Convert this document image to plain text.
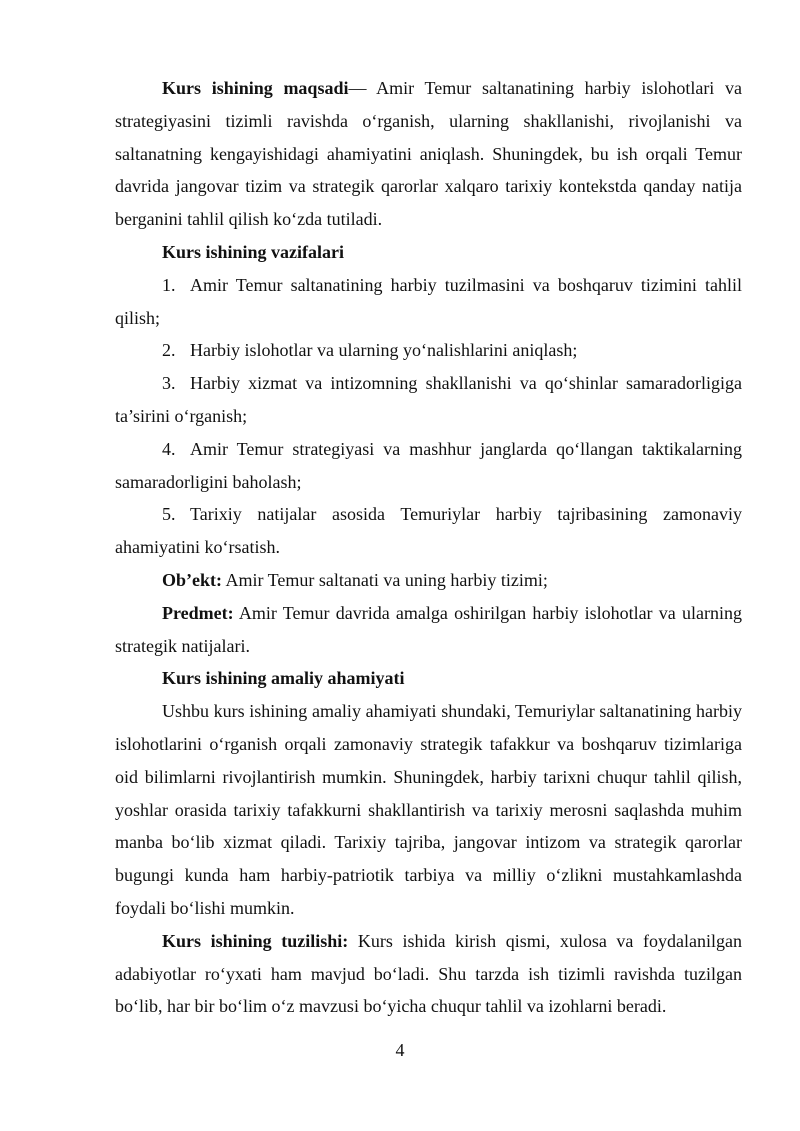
Kurs ishining maqsadi— Amir Temur saltanatining harbiy islohotlari va strategiyasini tizimli ravishda o‘rganish, ularning shakllanishi, rivojlanishi va saltanatning kengayishidagi ahamiyatini aniqlash. Shuningdek, bu ish orqali Temur davrida jangovar tizim va strategik qarorlar xalqaro tarixiy kontekstda qanday natija berganini tahlil qilish ko‘zda tutiladi.

Kurs ishining vazifalari

1. Amir Temur saltanatining harbiy tuzilmasini va boshqaruv tizimini tahlil qilish;

2. Harbiy islohotlar va ularning yo‘nalishlarini aniqlash;

3. Harbiy xizmat va intizomning shakllanishi va qo‘shinlar samaradorligiga ta’sirini o‘rganish;

4. Amir Temur strategiyasi va mashhur janglarda qo‘llangan taktikalarning samaradorligini baholash;

5. Tarixiy natijalar asosida Temuriylar harbiy tajribasining zamonaviy ahamiyatini ko‘rsatish.

Ob’ekt: Amir Temur saltanati va uning harbiy tizimi;

Predmet: Amir Temur davrida amalga oshirilgan harbiy islohotlar va ularning strategik natijalari.

Kurs ishining amaliy ahamiyati

Ushbu kurs ishining amaliy ahamiyati shundaki, Temuriylar saltanatining harbiy islohotlarini o‘rganish orqali zamonaviy strategik tafakkur va boshqaruv tizimlariga oid bilimlarni rivojlantirish mumkin. Shuningdek, harbiy tarixni chuqur tahlil qilish, yoshlar orasida tarixiy tafakkurni shakllantirish va tarixiy merosni saqlashda muhim manba bo‘lib xizmat qiladi. Tarixiy tajriba, jangovar intizom va strategik qarorlar bugungi kunda ham harbiy-patriotik tarbiya va milliy o‘zlikni mustahkamlashda foydali bo‘lishi mumkin.

Kurs ishining tuzilishi: Kurs ishida kirish qismi, xulosa va foydalanilgan adabiyotlar ro‘yxati ham mavjud bo‘ladi. Shu tarzda ish tizimli ravishda tuzilgan bo‘lib, har bir bo‘lim o‘z mavzusi bo‘yicha chuqur tahlil va izohlarni beradi.

4
